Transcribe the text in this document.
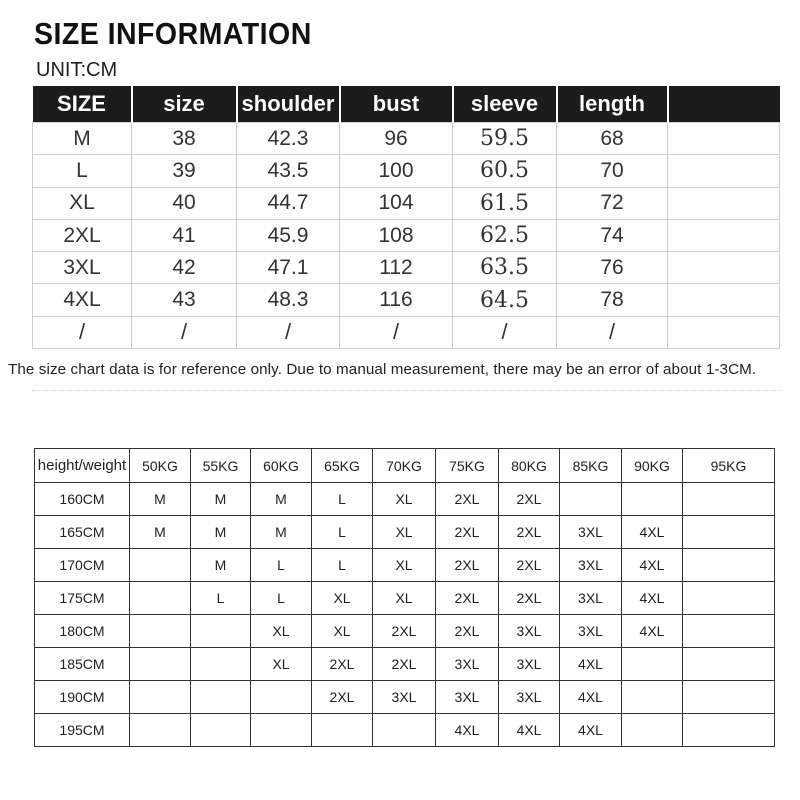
SIZE INFORMATION
UNIT:CM
SIZE	size	shoulder	bust	sleeve	length	
M	38	42.3	96	59.5	68	
L	39	43.5	100	60.5	70	
XL	40	44.7	104	61.5	72	
2XL	41	45.9	108	62.5	74	
3XL	42	47.1	112	63.5	76	
4XL	43	48.3	116	64.5	78	
/	/	/	/	/	/	
The size chart data is for reference only. Due to manual measurement, there may be an error of about 1-3CM.
height/weight	50KG	55KG	60KG	65KG	70KG	75KG	80KG	85KG	90KG	95KG
160CM	M	M	M	L	XL	2XL	2XL			
165CM	M	M	M	L	XL	2XL	2XL	3XL	4XL	
170CM		M	L	L	XL	2XL	2XL	3XL	4XL	
175CM		L	L	XL	XL	2XL	2XL	3XL	4XL	
180CM			XL	XL	2XL	2XL	3XL	3XL	4XL	
185CM			XL	2XL	2XL	3XL	3XL	4XL		
190CM				2XL	3XL	3XL	3XL	4XL		
195CM						4XL	4XL	4XL		
